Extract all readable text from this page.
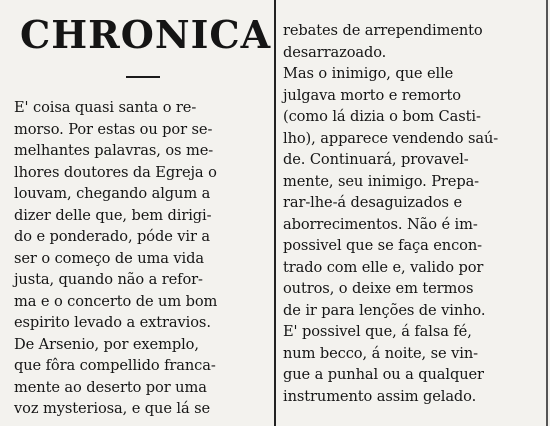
CHRONICA
E' coisa quasi santa o re-
morso. Por estas ou por se-
melhantes palavras, os me-
lhores doutores da Egreja o
louvam, chegando algum a
dizer delle que, bem dirigi-
do e ponderado, póde vir a
ser o começo de uma vida
justa, quando não a refor-
ma e o concerto de um bom
espirito levado a extravios.
De Arsenio, por exemplo,
que fôra compellido franca-
mente ao deserto por uma
voz mysteriosa, e que lá se
rebates de arrependimento
desarrazoado.
Mas o inimigo, que elle
julgava morto e remorto
(como lá dizia o bom Casti-
lho), apparece vendendo saú-
de. Continuará, provavel-
mente, seu inimigo. Prepa-
rar-lhe-á desaguizados e
aborrecimentos. Não é im-
possivel que se faça encon-
trado com elle e, valido por
outros, o deixe em termos
de ir para lenções de vinho.
E' possivel que, á falsa fé,
num becco, á noite, se vin-
gue a punhal ou a qualquer
instrumento assim gelado.
